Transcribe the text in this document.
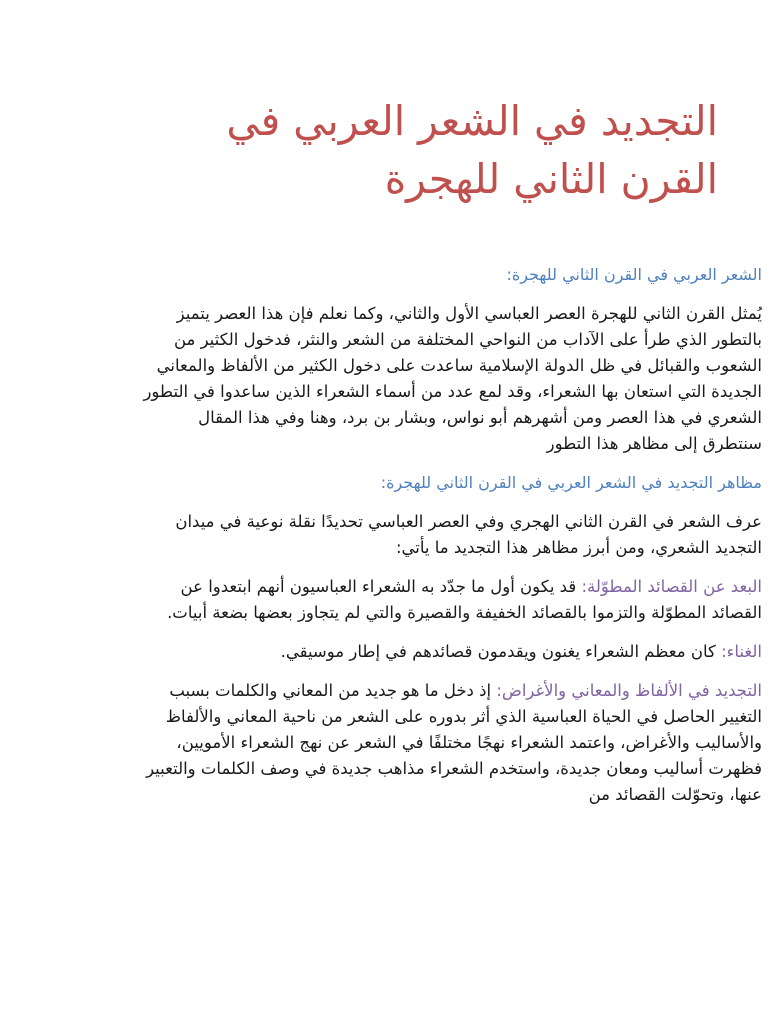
التجديد في الشعر العربي في القرن الثاني للهجرة
الشعر العربي في القرن الثاني للهجرة:

يُمثل القرن الثاني للهجرة العصر العباسي الأول والثاني، وكما نعلم فإن هذا العصر يتميز بالتطور الذي طرأ على الآداب من النواحي المختلفة من الشعر والنثر، فدخول الكثير من الشعوب والقبائل في ظل الدولة الإسلامية ساعدت على دخول الكثير من الألفاظ والمعاني الجديدة التي استعان بها الشعراء، وقد لمع عدد من أسماء الشعراء الذين ساعدوا في التطور الشعري في هذا العصر ومن أشهرهم أبو نواس، وبشار بن برد، وهنا وفي هذا المقال سنتطرق إلى مظاهر هذا التطور

مظاهر التجديد في الشعر العربي في القرن الثاني للهجرة:

عرف الشعر في القرن الثاني الهجري وفي العصر العباسي تحديدًا نقلة نوعية في ميدان التجديد الشعري، ومن أبرز مظاهر هذا التجديد ما يأتي:

البعد عن القصائد المطوّلة: قد يكون أول ما جدّد به الشعراء العباسيون أنهم ابتعدوا عن القصائد المطوّلة والتزموا بالقصائد الخفيفة والقصيرة والتي لم يتجاوز بعضها بضعة أبيات.

الغناء: كان معظم الشعراء يغنون ويقدمون قصائدهم في إطار موسيقي.

التجديد في الألفاظ والمعاني والأغراض: إذ دخل ما هو جديد من المعاني والكلمات بسبب التغيير الحاصل في الحياة العباسية الذي أثر بدوره على الشعر من ناحية المعاني والألفاظ والأساليب والأغراض، واعتمد الشعراء نهجًا مختلفًا في الشعر عن نهج الشعراء الأمويين، فظهرت أساليب ومعان جديدة، واستخدم الشعراء مذاهب جديدة في وصف الكلمات والتعبير عنها، وتحوّلت القصائد من
